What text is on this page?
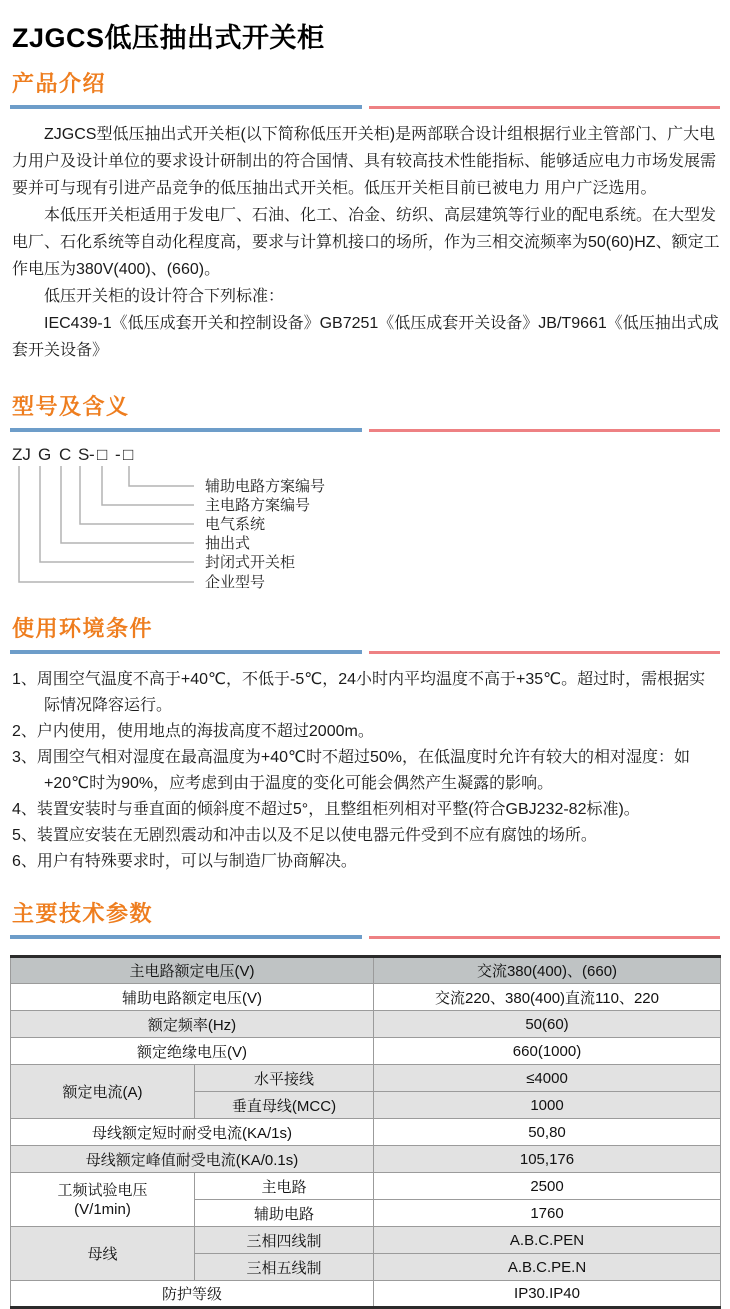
ZJGCS低压抽出式开关柜
产品介绍

ZJGCS型低压抽出式开关柜(以下简称低压开关柜)是两部联合设计组根据行业主管部门、广大电力用户及设计单位的要求设计研制出的符合国情、具有较高技术性能指标、能够适应电力市场发展需要并可与现有引进产品竞争的低压抽出式开关柜。低压开关柜目前已被电力 用户广泛选用。

本低压开关柜适用于发电厂、石油、化工、冶金、纺织、高层建筑等行业的配电系统。在大型发电厂、石化系统等自动化程度高，要求与计算机接口的场所，作为三相交流频率为50(60)HZ、额定工作电压为380V(400)、(660)。

低压开关柜的设计符合下列标准：

IEC439-1《低压成套开关和控制设备》GB7251《低压成套开关设备》JB/T9661《低压抽出式成套开关设备》

型号及含义
ZJ G C S - □ - □
辅助电路方案编号
主电路方案编号
电气系统
抽出式
封闭式开关柜
企业型号
使用环境条件
1、周围空气温度不高于+40℃，不低于-5℃，24小时内平均温度不高于+35℃。超过时，需根据实际情况降容运行。
2、户内使用，使用地点的海拔高度不超过2000m。
3、周围空气相对湿度在最高温度为+40℃时不超过50%，在低温度时允许有较大的相对湿度：如+20℃时为90%，应考虑到由于温度的变化可能会偶然产生凝露的影响。
4、装置安装时与垂直面的倾斜度不超过5°，且整组柜列相对平整(符合GBJ232-82标准)。
5、装置应安装在无剧烈震动和冲击以及不足以使电器元件受到不应有腐蚀的场所。
6、用户有特殊要求时，可以与制造厂协商解决。
主要技术参数
主电路额定电压(V)		交流380(400)、(660)
辅助电路额定电压(V)		交流220、380(400)直流110、220
额定频率(Hz)		50(60)
额定绝缘电压(V)		660(1000)
额定电流(A)	水平接线	≤4000
	垂直母线(MCC)	1000
母线额定短时耐受电流(KA/1s)		50,80
母线额定峰值耐受电流(KA/0.1s)		105,176
工频试验电压
(V/1min)	主电路	2500
	辅助电路	1760
母线	三相四线制	A.B.C.PEN
	三相五线制	A.B.C.PE.N
防护等级		IP30.IP40
